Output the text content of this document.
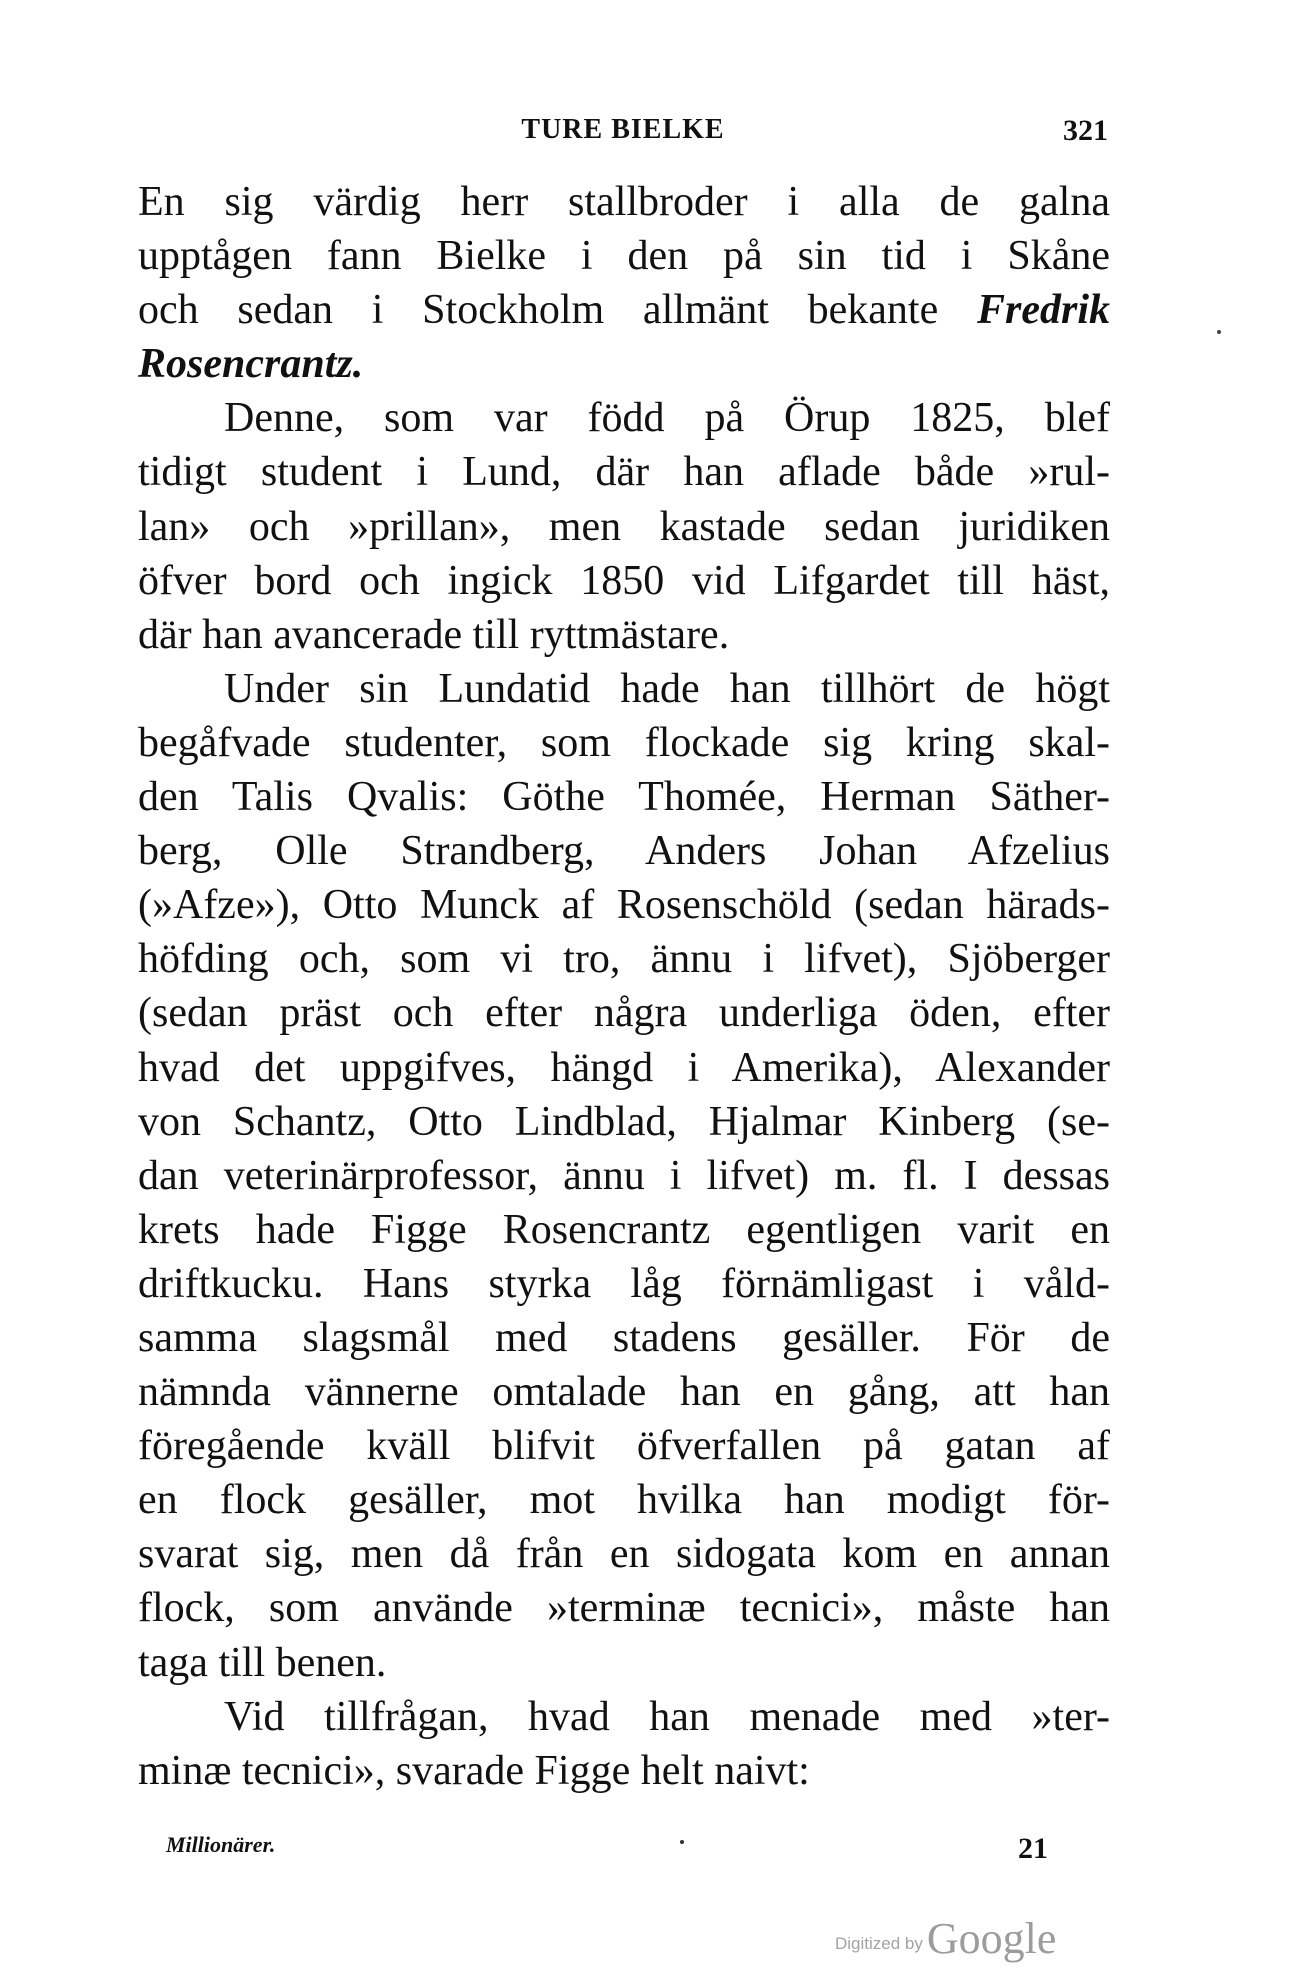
TURE BIELKE	321
En sig värdig herr stallbroder i alla de galna
upptågen fann Bielke i den på sin tid i Skåne
och sedan i Stockholm allmänt bekante Fredrik
Rosencrantz.
Denne, som var född på Örup 1825, blef
tidigt student i Lund, där han aflade både »rul-
lan» och »prillan», men kastade sedan juridiken
öfver bord och ingick 1850 vid Lifgardet till häst,
där han avancerade till ryttmästare.
Under sin Lundatid hade han tillhört de högt
begåfvade studenter, som flockade sig kring skal-
den Talis Qvalis: Göthe Thomée, Herman Säther-
berg, Olle Strandberg, Anders Johan Afzelius
(»Afze»), Otto Munck af Rosenschöld (sedan härads-
höfding och, som vi tro, ännu i lifvet), Sjöberger
(sedan präst och efter några underliga öden, efter
hvad det uppgifves, hängd i Amerika), Alexander
von Schantz, Otto Lindblad, Hjalmar Kinberg (se-
dan veterinärprofessor, ännu i lifvet) m. fl. I dessas
krets hade Figge Rosencrantz egentligen varit en
driftkucku. Hans styrka låg förnämligast i våld-
samma slagsmål med stadens gesäller. För de
nämnda vännerne omtalade han en gång, att han
föregående kväll blifvit öfverfallen på gatan af
en flock gesäller, mot hvilka han modigt för-
svarat sig, men då från en sidogata kom en annan
flock, som använde »terminæ tecnici», måste han
taga till benen.
Vid tillfrågan, hvad han menade med »ter-
minæ tecnici», svarade Figge helt naivt:
Millionärer.	21
Digitized by Google
